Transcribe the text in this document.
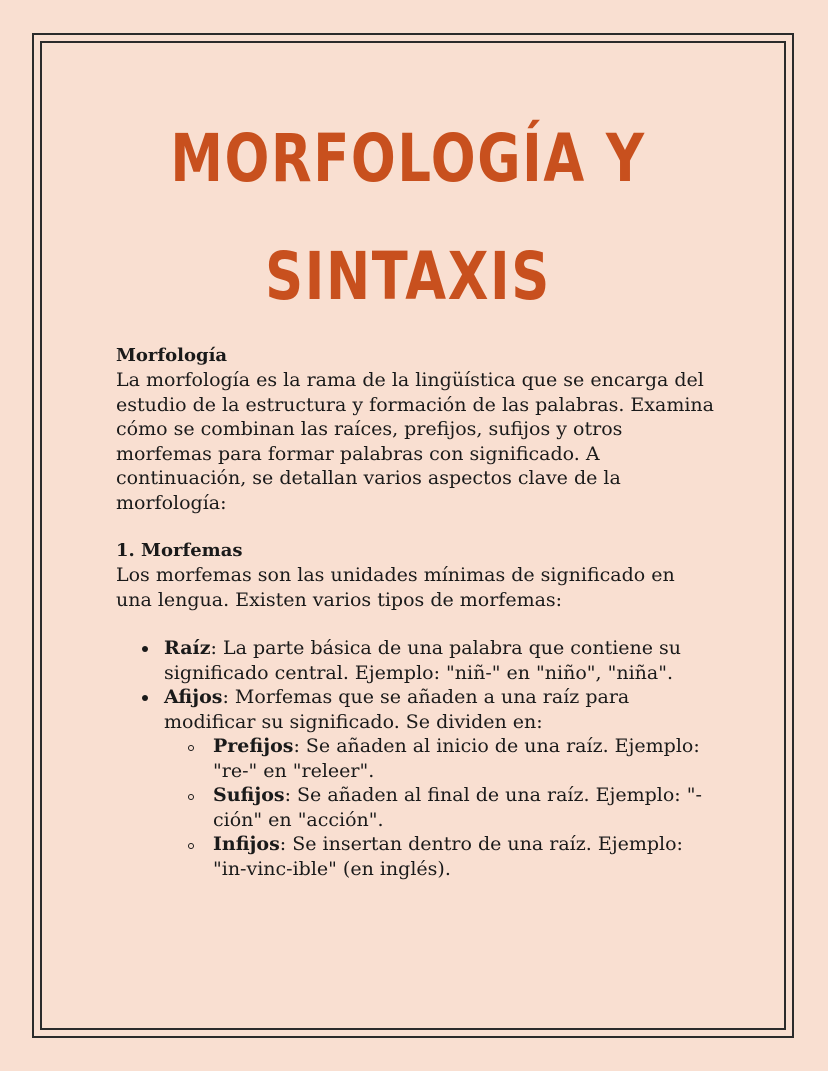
MORFOLOGÍA Y
SINTAXIS
Morfología

La morfología es la rama de la lingüística que se encarga del estudio de la estructura y formación de las palabras. Examina cómo se combinan las raíces, prefijos, sufijos y otros morfemas para formar palabras con significado. A continuación, se detallan varios aspectos clave de la morfología:

1. Morfemas

Los morfemas son las unidades mínimas de significado en una lengua. Existen varios tipos de morfemas:

Raíz: La parte básica de una palabra que contiene su significado central. Ejemplo: "niñ-" en "niño", "niña".
Afijos: Morfemas que se añaden a una raíz para modificar su significado. Se dividen en:
Prefijos: Se añaden al inicio de una raíz. Ejemplo: "re-" en "releer".
Sufijos: Se añaden al final de una raíz. Ejemplo: "-ción" en "acción".
Infijos: Se insertan dentro de una raíz. Ejemplo: "in-vinc-ible" (en inglés).
